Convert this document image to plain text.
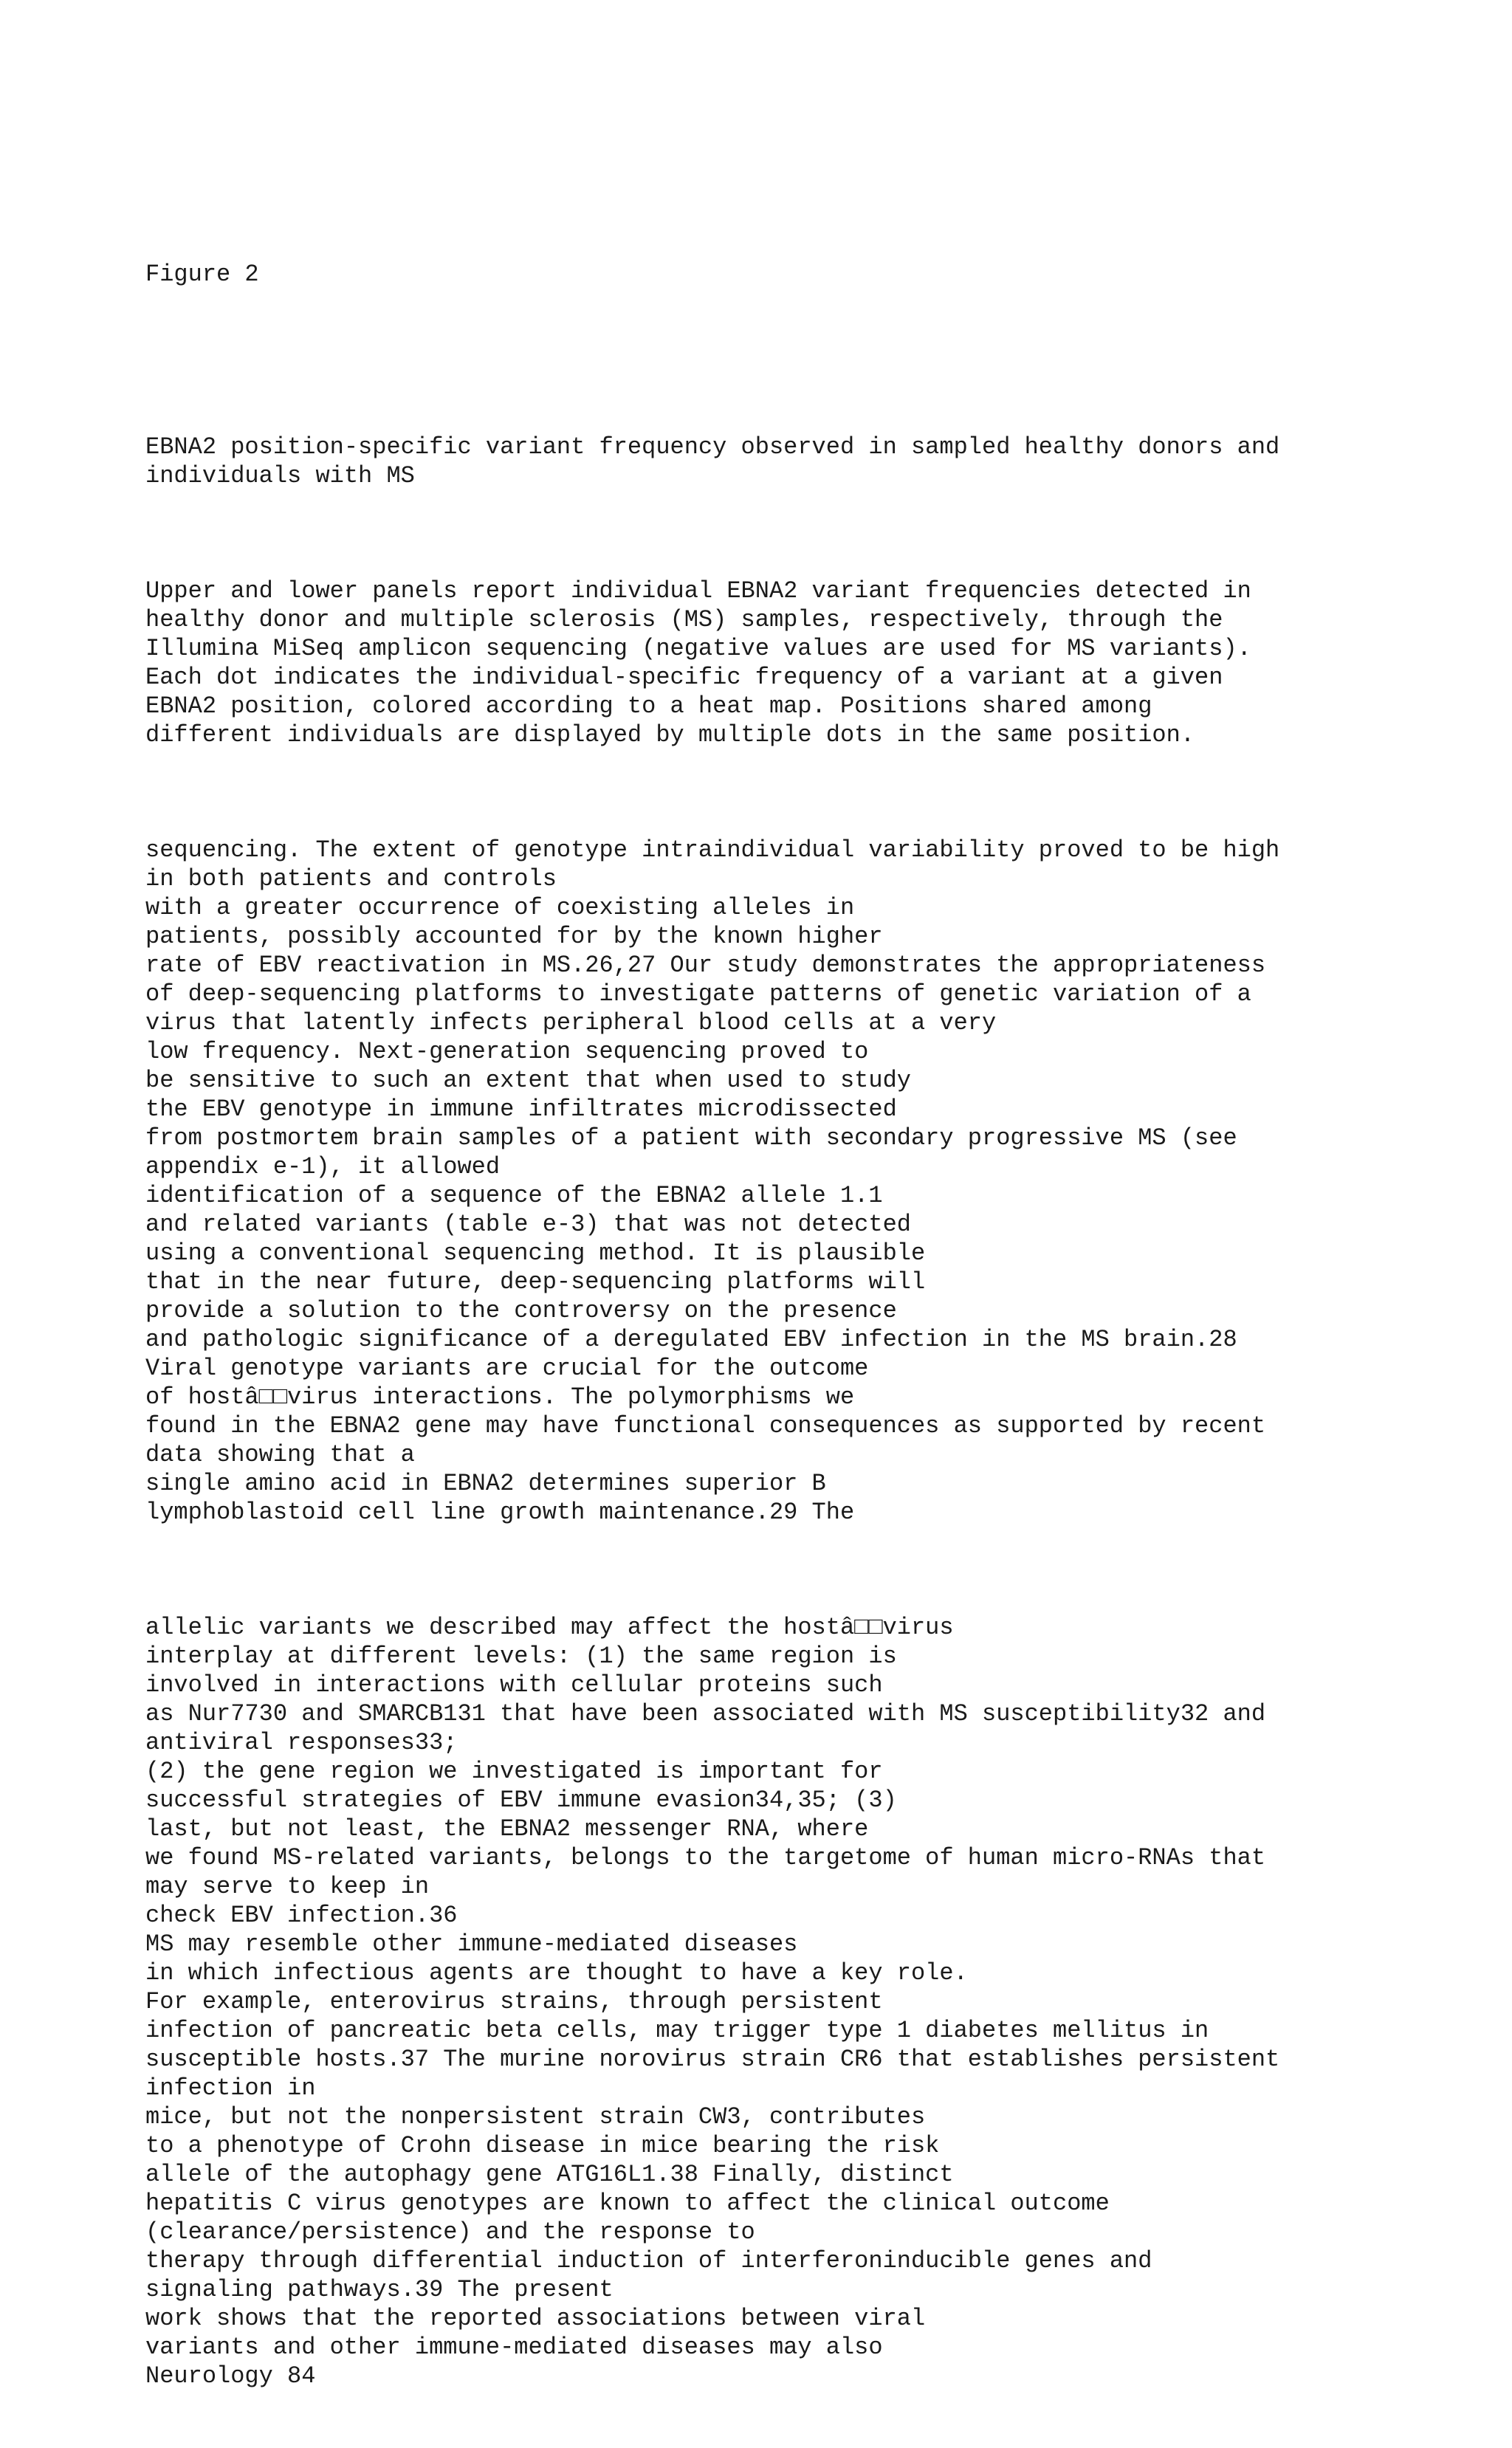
Figure 2

EBNA2 position-specific variant frequency observed in sampled healthy donors and
individuals with MS

Upper and lower panels report individual EBNA2 variant frequencies detected in
healthy donor and multiple sclerosis (MS) samples, respectively, through the
Illumina MiSeq amplicon sequencing (negative values are used for MS variants).
Each dot indicates the individual-specific frequency of a variant at a given
EBNA2 position, colored according to a heat map. Positions shared among
different individuals are displayed by multiple dots in the same position.

sequencing. The extent of genotype intraindividual variability proved to be high
in both patients and controls
with a greater occurrence of coexisting alleles in
patients, possibly accounted for by the known higher
rate of EBV reactivation in MS.26,27 Our study demonstrates the appropriateness
of deep-sequencing platforms to investigate patterns of genetic variation of a
virus that latently infects peripheral blood cells at a very
low frequency. Next-generation sequencing proved to
be sensitive to such an extent that when used to study
the EBV genotype in immune infiltrates microdissected
from postmortem brain samples of a patient with secondary progressive MS (see
appendix e-1), it allowed
identification of a sequence of the EBNA2 allele 1.1
and related variants (table e-3) that was not detected
using a conventional sequencing method. It is plausible
that in the near future, deep-sequencing platforms will
provide a solution to the controversy on the presence
and pathologic significance of a deregulated EBV infection in the MS brain.28
Viral genotype variants are crucial for the outcome
of hostâ□□virus interactions. The polymorphisms we
found in the EBNA2 gene may have functional consequences as supported by recent
data showing that a
single amino acid in EBNA2 determines superior B
lymphoblastoid cell line growth maintenance.29 The

allelic variants we described may affect the hostâ□□virus
interplay at different levels: (1) the same region is
involved in interactions with cellular proteins such
as Nur7730 and SMARCB131 that have been associated with MS susceptibility32 and
antiviral responses33;
(2) the gene region we investigated is important for
successful strategies of EBV immune evasion34,35; (3)
last, but not least, the EBNA2 messenger RNA, where
we found MS-related variants, belongs to the targetome of human micro-RNAs that
may serve to keep in
check EBV infection.36
MS may resemble other immune-mediated diseases
in which infectious agents are thought to have a key role.
For example, enterovirus strains, through persistent
infection of pancreatic beta cells, may trigger type 1 diabetes mellitus in
susceptible hosts.37 The murine norovirus strain CR6 that establishes persistent
infection in
mice, but not the nonpersistent strain CW3, contributes
to a phenotype of Crohn disease in mice bearing the risk
allele of the autophagy gene ATG16L1.38 Finally, distinct
hepatitis C virus genotypes are known to affect the clinical outcome
(clearance/persistence) and the response to
therapy through differential induction of interferoninducible genes and
signaling pathways.39 The present
work shows that the reported associations between viral
variants and other immune-mediated diseases may also
Neurology 84
